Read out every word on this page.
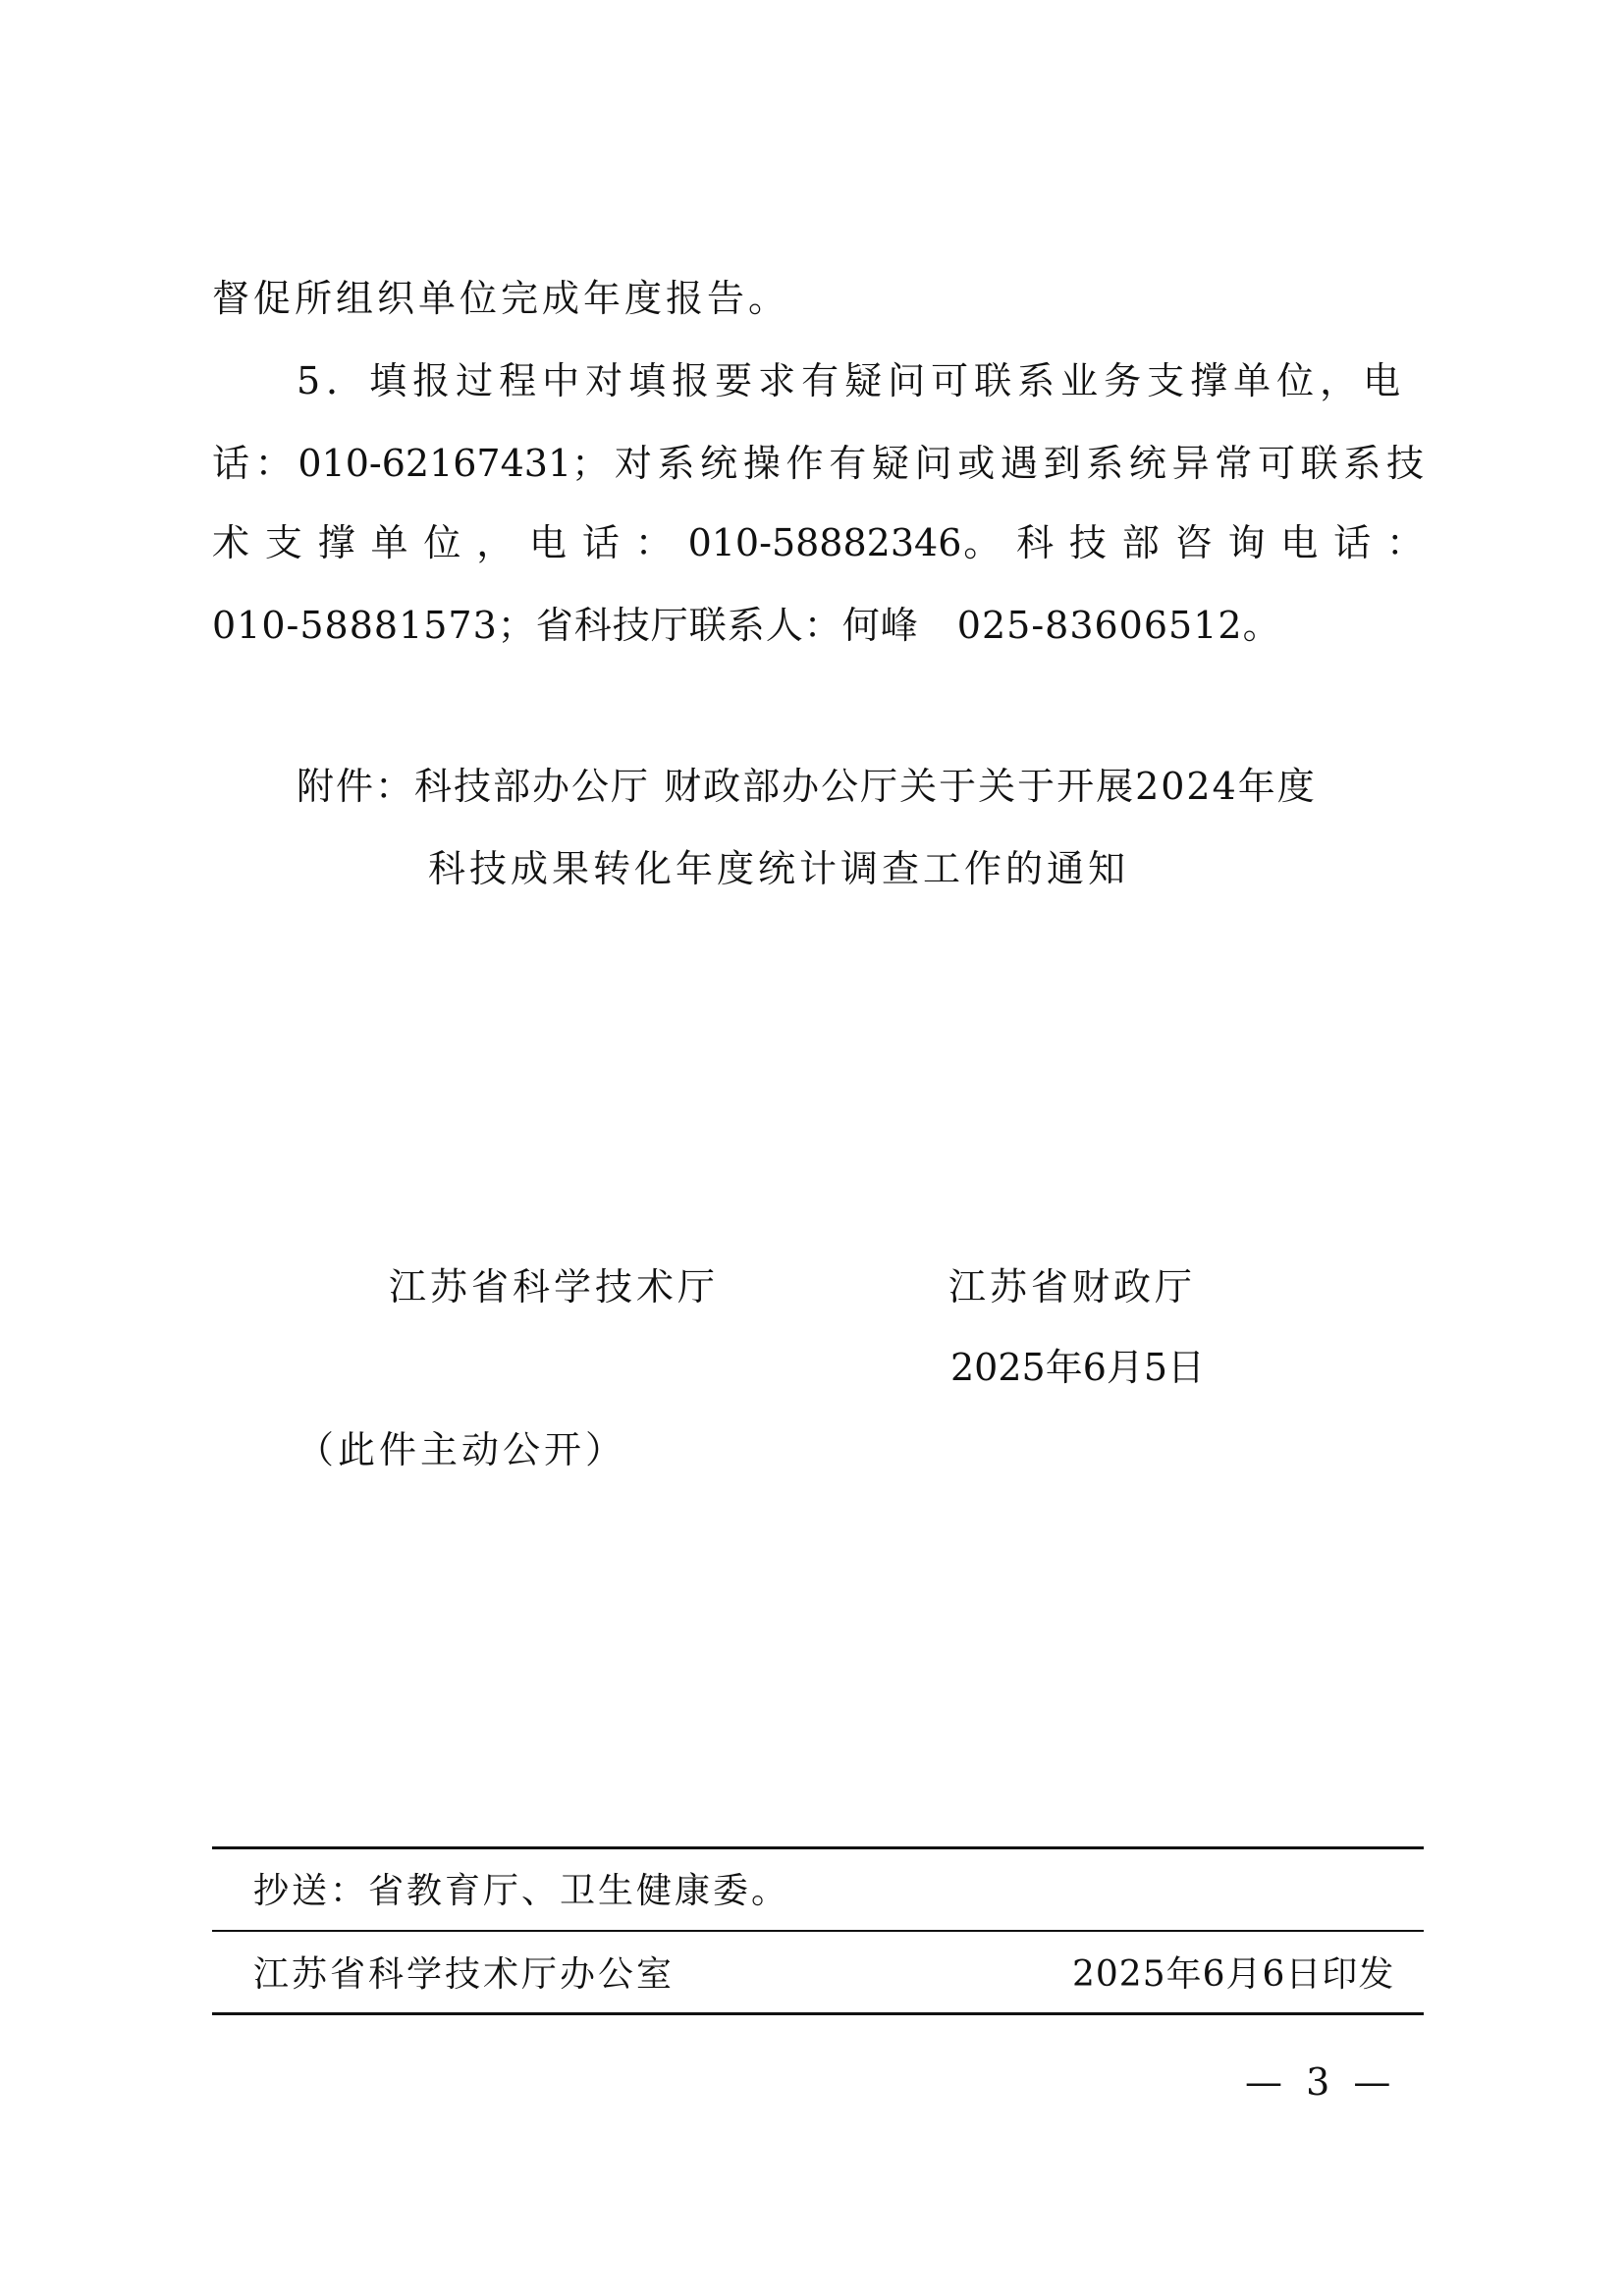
督促所组织单位完成年度报告。
5．填报过程中对填报要求有疑问可联系业务支撑单位，电
话：010-62167431；对系统操作有疑问或遇到系统异常可联系技
术 支 撑 单 位 ， 电 话 ： 010-58882346。 科 技 部 咨 询 电 话 ：
010-58881573；省科技厅联系人：何峰　025-83606512。
附件：科技部办公厅 财政部办公厅关于关于开展2024年度
科技成果转化年度统计调查工作的通知
江苏省科学技术厅	江苏省财政厅
2025年6月5日
（此件主动公开）
抄送：省教育厅、卫生健康委。
江苏省科学技术厅办公室	2025年6月6日印发
— 3 —
